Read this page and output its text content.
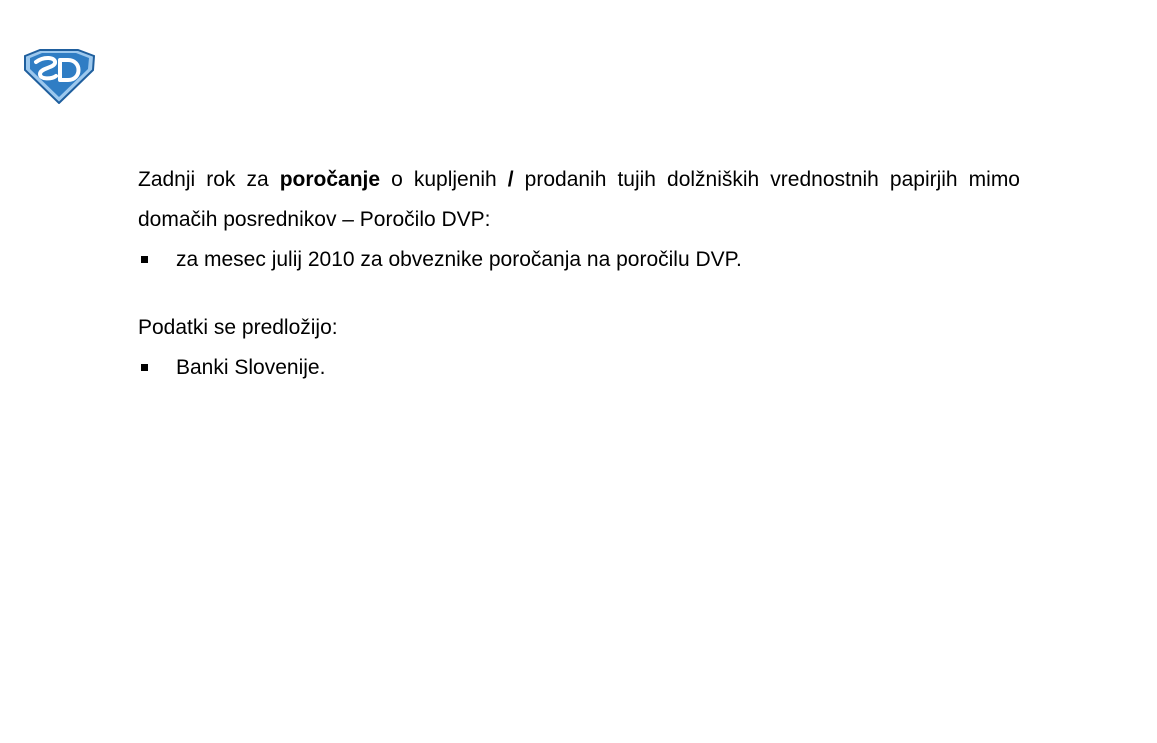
Zadnji rok za poročanje o kupljenih / prodanih tujih dolžniških vrednostnih papirjih mimo domačih posrednikov – Poročilo DVP:

za mesec julij 2010 za obveznike poročanja na poročilu DVP.

Podatki se predložijo:

Banki Slovenije.
